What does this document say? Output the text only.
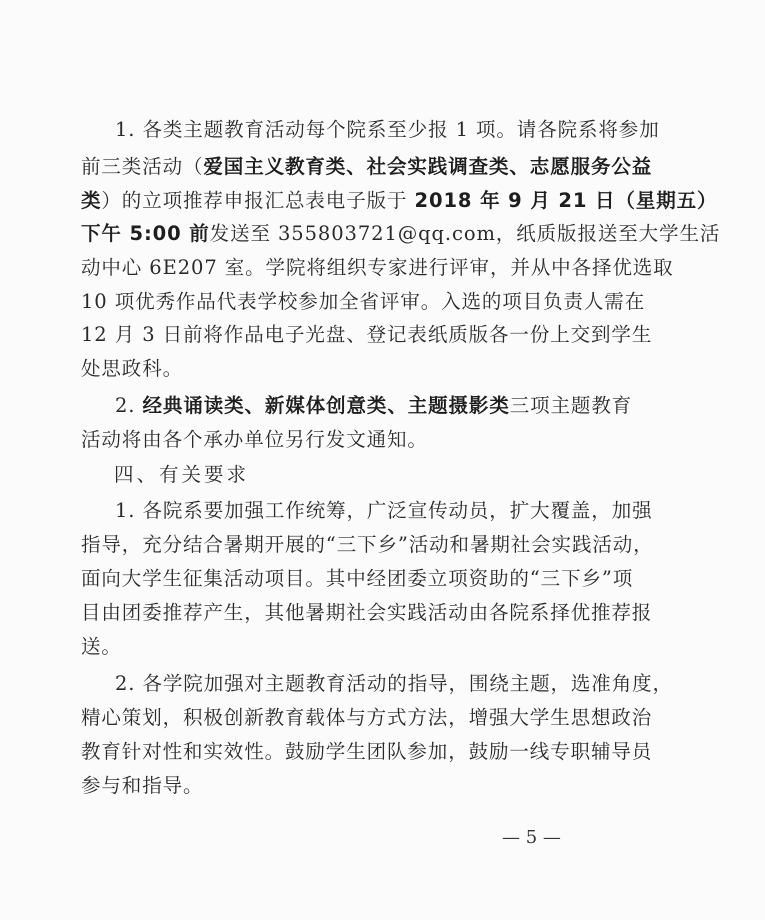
1. 各类主题教育活动每个院系至少报 1 项。请各院系将参加
前三类活动（爱国主义教育类、社会实践调查类、志愿服务公益
类）的立项推荐申报汇总表电子版于 2018 年 9 月 21 日（星期五）
下午 5:00 前发送至 355803721@qq.com，纸质版报送至大学生活
动中心 6E207 室。学院将组织专家进行评审，并从中各择优选取
10 项优秀作品代表学校参加全省评审。入选的项目负责人需在
12 月 3 日前将作品电子光盘、登记表纸质版各一份上交到学生
处思政科。
2. 经典诵读类、新媒体创意类、主题摄影类三项主题教育
活动将由各个承办单位另行发文通知。
四、有关要求
1. 各院系要加强工作统筹，广泛宣传动员，扩大覆盖，加强
指导，充分结合暑期开展的“三下乡”活动和暑期社会实践活动，
面向大学生征集活动项目。其中经团委立项资助的“三下乡”项
目由团委推荐产生，其他暑期社会实践活动由各院系择优推荐报
送。
2. 各学院加强对主题教育活动的指导，围绕主题，选准角度，
精心策划，积极创新教育载体与方式方法，增强大学生思想政治
教育针对性和实效性。鼓励学生团队参加，鼓励一线专职辅导员
参与和指导。
— 5 —
